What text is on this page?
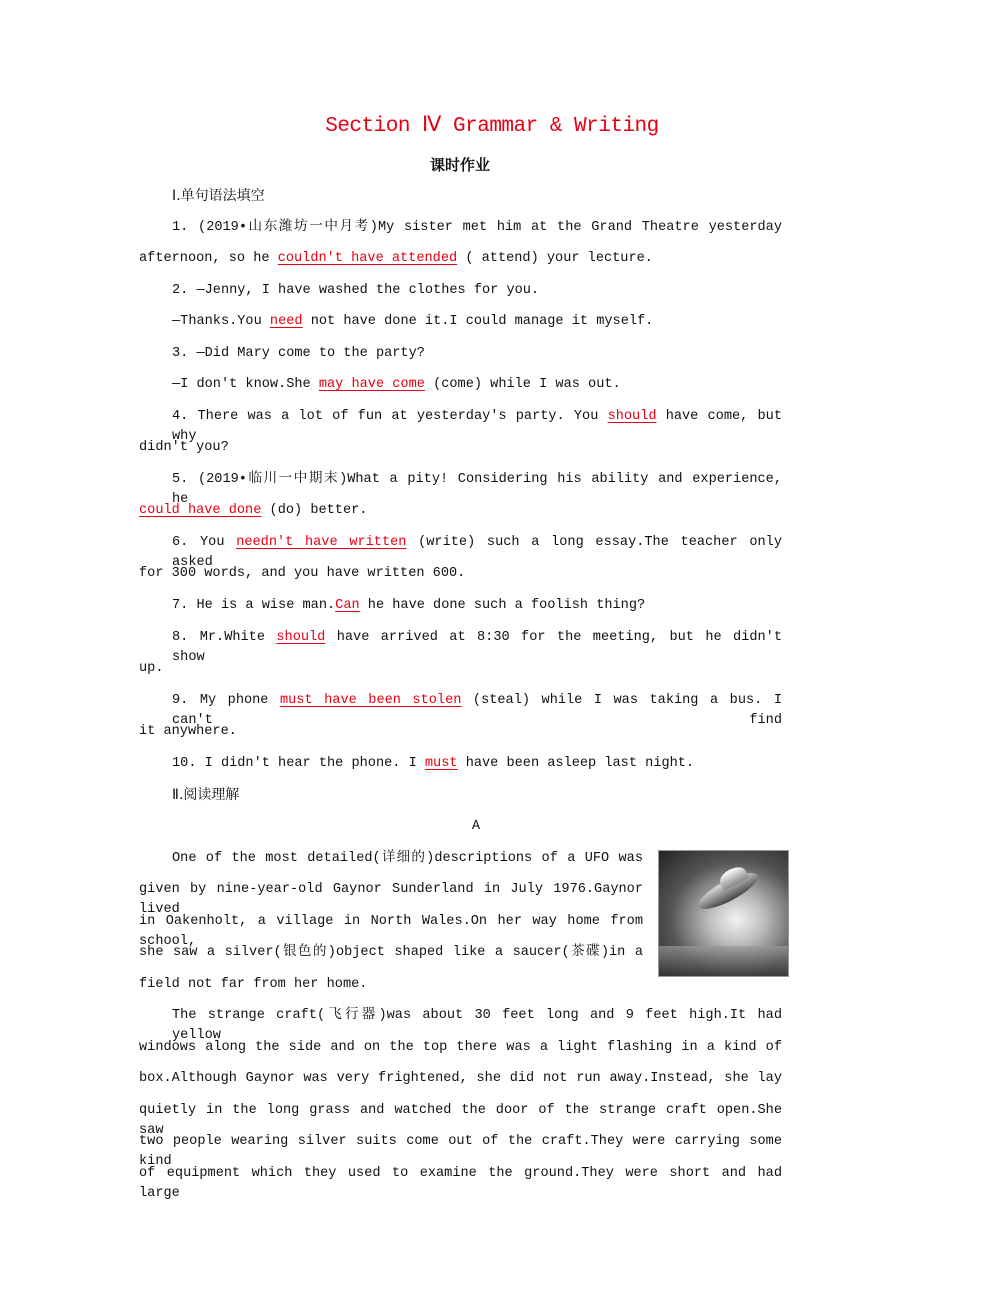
Section Ⅳ Grammar & Writing
课时作业
Ⅰ.单句语法填空
1. (2019•山东潍坊一中月考)My sister met him at the Grand Theatre yesterday
afternoon, so he couldn't have attended ( attend) your lecture.
2. —Jenny, I have washed the clothes for you.
—Thanks.You need not have done it.I could manage it myself.
3. —Did Mary come to the party?
—I don't know.She may have come (come) while I was out.
4. There was a lot of fun at yesterday's party. You should have come, but why
didn't you?
5. (2019•临川一中期末)What a pity! Considering his ability and experience, he
could have done (do) better.
6. You needn't have written (write) such a long essay.The teacher only asked
for 300 words, and you have written 600.
7. He is a wise man.Can he have done such a foolish thing?
8. Mr.White should have arrived at 8:30 for the meeting, but he didn't show
up.
9. My phone must have been stolen (steal) while I was taking a bus. I can't find
it anywhere.
10. I didn't hear the phone. I must have been asleep last night.
Ⅱ.阅读理解
A
One of the most detailed(详细的)descriptions of a UFO was
given by nine-year-old Gaynor Sunderland in July 1976.Gaynor lived
in Oakenholt, a village in North Wales.On her way home from school,
she saw a silver(银色的)object shaped like a saucer(茶碟)in a
field not far from her home.
The strange craft(飞行器)was about 30 feet long and 9 feet high.It had yellow
windows along the side and on the top there was a light flashing in a kind of
box.Although Gaynor was very frightened, she did not run away.Instead, she lay
quietly in the long grass and watched the door of the strange craft open.She saw
two people wearing silver suits come out of the craft.They were carrying some kind
of equipment which they used to examine the ground.They were short and had large
